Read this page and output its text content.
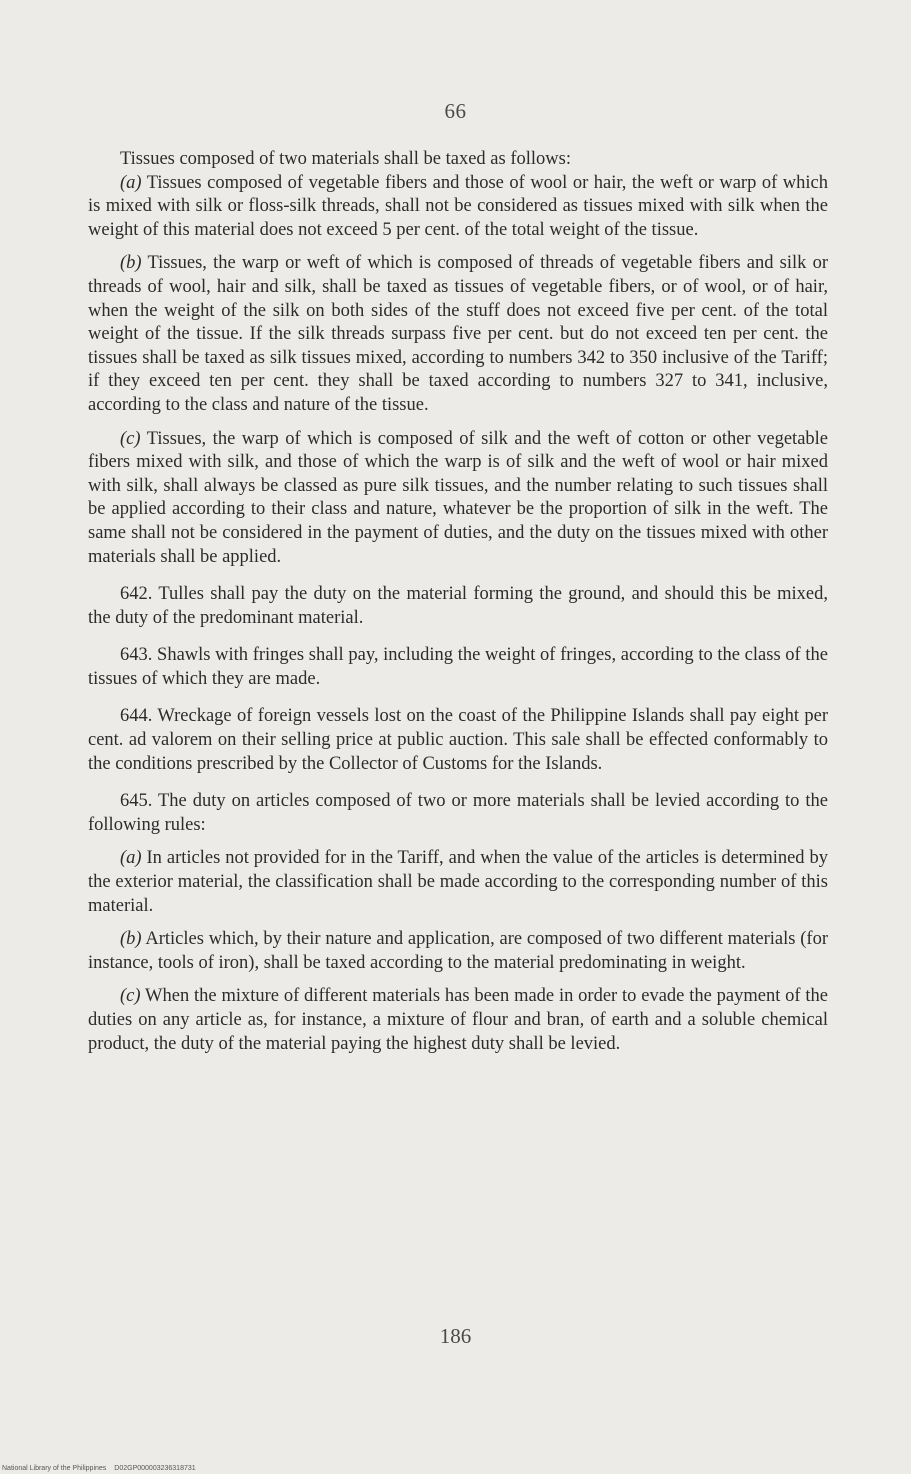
66

Tissues composed of two materials shall be taxed as follows:

(a) Tissues composed of vegetable fibers and those of wool or hair, the weft or warp of which is mixed with silk or floss-silk threads, shall not be considered as tissues mixed with silk when the weight of this material does not exceed 5 per cent. of the total weight of the tissue.

(b) Tissues, the warp or weft of which is composed of threads of vegetable fibers and silk or threads of wool, hair and silk, shall be taxed as tissues of vegetable fibers, or of wool, or of hair, when the weight of the silk on both sides of the stuff does not exceed five per cent. of the total weight of the tissue. If the silk threads surpass five per cent. but do not exceed ten per cent. the tissues shall be taxed as silk tissues mixed, according to numbers 342 to 350 inclusive of the Tariff; if they exceed ten per cent. they shall be taxed according to numbers 327 to 341, inclusive, according to the class and nature of the tissue.

(c) Tissues, the warp of which is composed of silk and the weft of cotton or other vegetable fibers mixed with silk, and those of which the warp is of silk and the weft of wool or hair mixed with silk, shall always be classed as pure silk tissues, and the number relating to such tissues shall be applied according to their class and nature, whatever be the proportion of silk in the weft. The same shall not be considered in the payment of duties, and the duty on the tissues mixed with other materials shall be applied.

642. Tulles shall pay the duty on the material forming the ground, and should this be mixed, the duty of the predominant material.

643. Shawls with fringes shall pay, including the weight of fringes, according to the class of the tissues of which they are made.

644. Wreckage of foreign vessels lost on the coast of the Philippine Islands shall pay eight per cent. ad valorem on their selling price at public auction. This sale shall be effected conformably to the conditions prescribed by the Collector of Customs for the Islands.

645. The duty on articles composed of two or more materials shall be levied according to the following rules:

(a) In articles not provided for in the Tariff, and when the value of the articles is determined by the exterior material, the classification shall be made according to the corresponding number of this material.

(b) Articles which, by their nature and application, are composed of two different materials (for instance, tools of iron), shall be taxed according to the material predominating in weight.

(c) When the mixture of different materials has been made in order to evade the payment of the duties on any article as, for instance, a mixture of flour and bran, of earth and a soluble chemical product, the duty of the material paying the highest duty shall be levied.

186
National Library of the Philippines D02GP000003236318731
